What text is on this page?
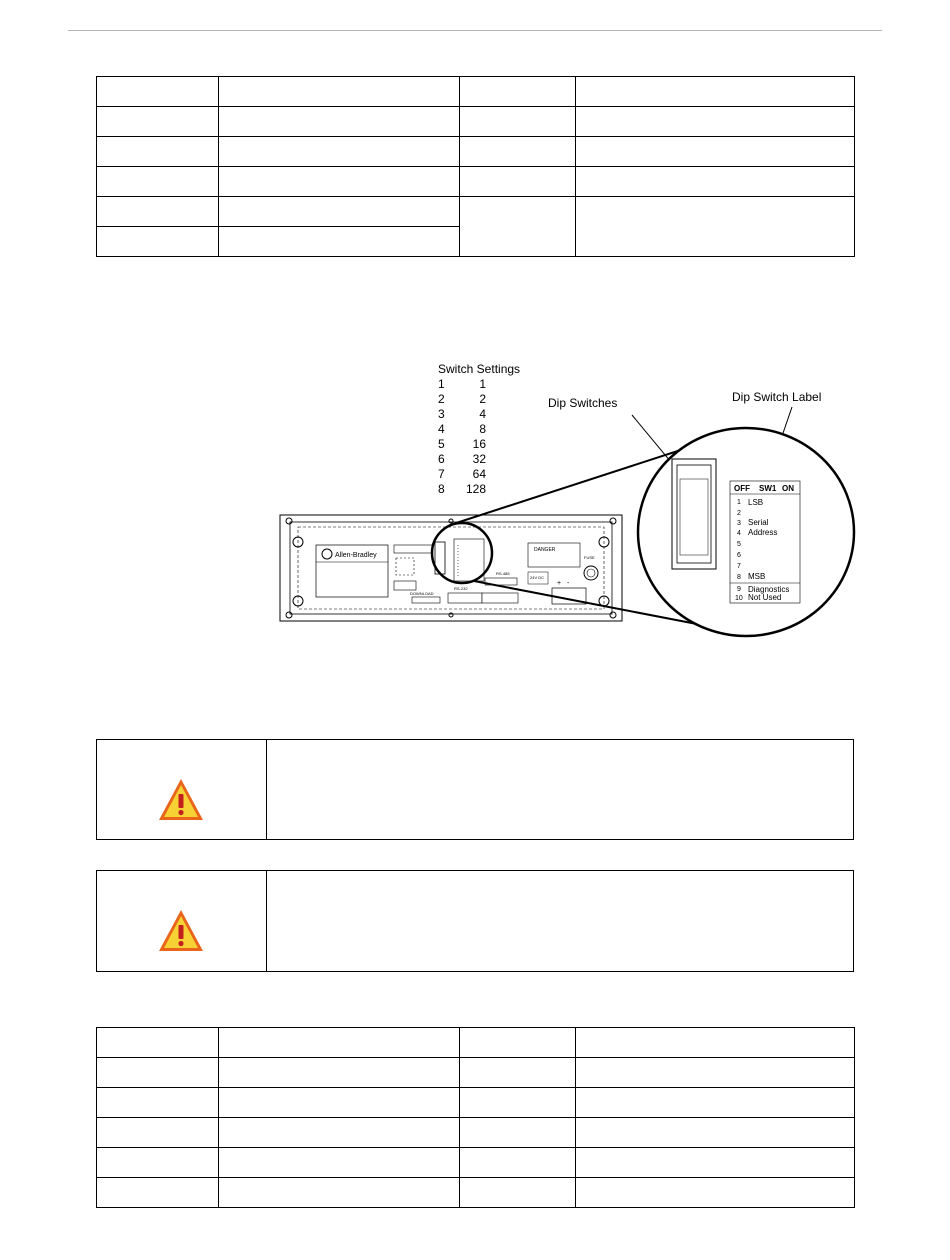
Switch Settings
1	1
2	2
3	4
4	8
5 16
6 32
7 64
8 128
Dip Switches	Dip Switch Label
Allen-Bradley
RS-485
DANGER
24V DC
FUSE
+ -
DOWNLOAD
RS-232
OFF SW1 ON
1 LSB
2
3 Serial
4 Address
5
6
7
8 MSB
9 Diagnostics
10 Not Used
